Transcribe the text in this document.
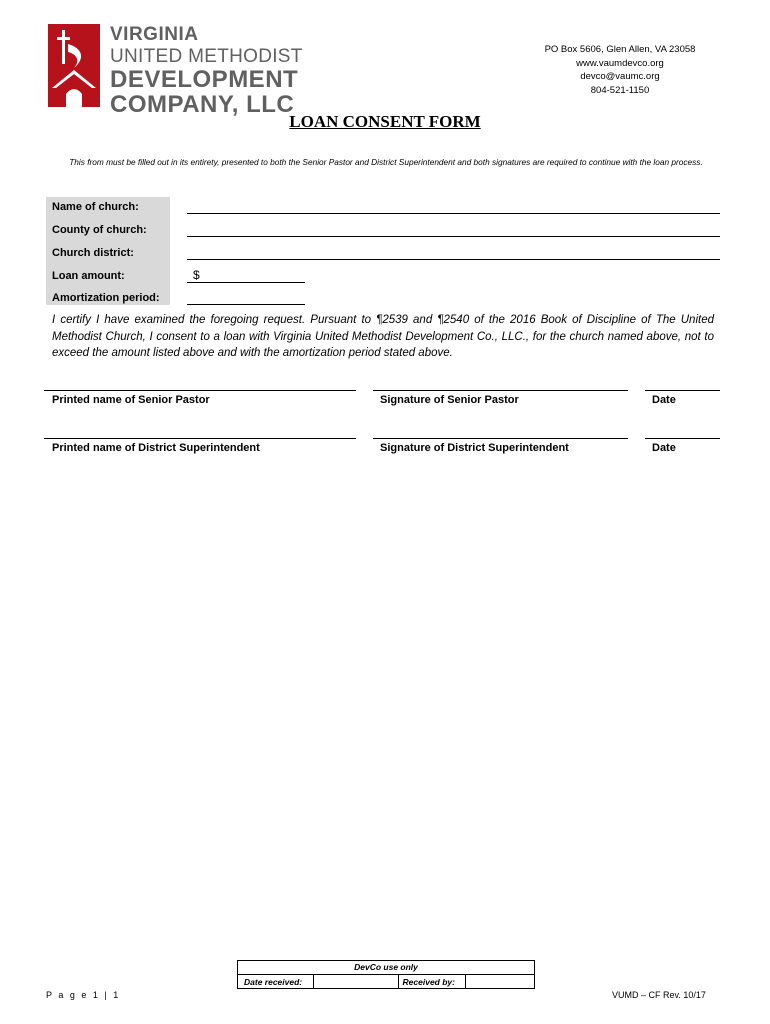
VIRGINIA
UNITED METHODIST
DEVELOPMENT
COMPANY, LLC
PO Box 5606, Glen Allen, VA 23058
www.vaumdevco.org
devco@vaumc.org
804-521-1150
LOAN CONSENT FORM
This from must be filled out in its entirety, presented to both the Senior Pastor and District Superintendent and both signatures are required to continue with the loan process.
Name of church:
County of church:
Church district:
Loan amount:	$
Amortization period:
I certify I have examined the foregoing request. Pursuant to ¶2539 and ¶2540 of the 2016 Book of Discipline of The United Methodist Church, I consent to a loan with Virginia United Methodist Development Co., LLC., for the church named above, not to exceed the amount listed above and with the amortization period stated above.
Printed name of Senior Pastor	Signature of Senior Pastor	Date
Printed name of District Superintendent	Signature of District Superintendent	Date
DevCo use only
Date received:	Received by:
P a g e 1 | 1	VUMD – CF Rev. 10/17
